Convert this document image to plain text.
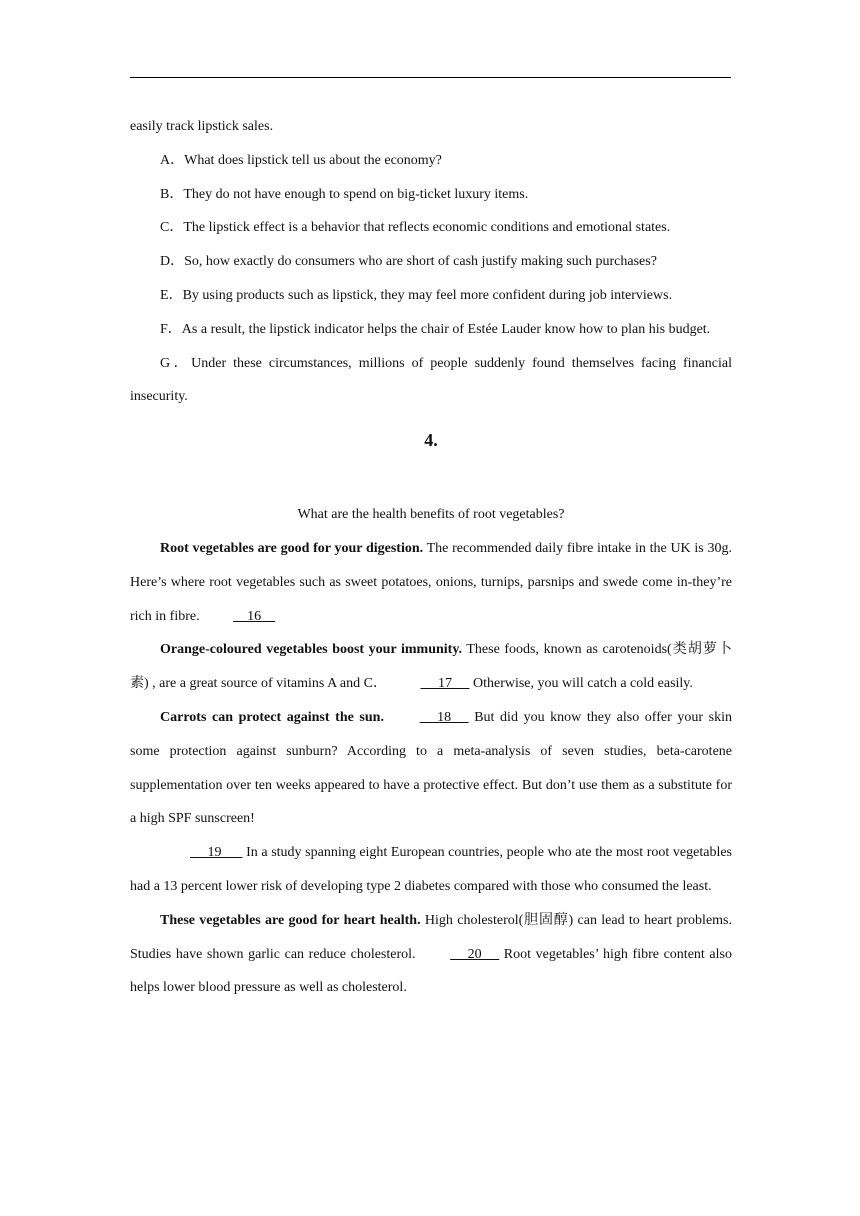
easily track lipstick sales.

A．What does lipstick tell us about the economy?

B．They do not have enough to spend on big-ticket luxury items.

C．The lipstick effect is a behavior that reflects economic conditions and emotional states.

D．So, how exactly do consumers who are short of cash justify making such purchases?

E．By using products such as lipstick, they may feel more confident during job interviews.

F．As a result, the lipstick indicator helps the chair of Estée Lauder know how to plan his budget.

G．Under these circumstances, millions of people suddenly found themselves facing financial insecurity.

4.

What are the health benefits of root vegetables?

Root vegetables are good for your digestion. The recommended daily fibre intake in the UK is 30g. Here’s where root vegetables such as sweet potatoes, onions, turnips, parsnips and swede come in-they’re rich in fibre.     16

Orange-coloured vegetables boost your immunity. These foods, known as carotenoids(类胡萝卜素) , are a great source of vitamins A and C．      17      Otherwise, you will catch a cold easily.

Carrots can protect against the sun.	18      But did you know they also offer your skin some protection against sunburn? According to a meta-analysis of seven studies, beta-carotene supplementation over ten weeks appeared to have a protective effect. But don’t use them as a substitute for a high SPF sunscreen!

19       In a study spanning eight European countries, people who ate the most root vegetables had a 13 percent lower risk of developing type 2 diabetes compared with those who consumed the least.

These vegetables are good for heart health. High cholesterol(胆固醇) can lead to heart problems. Studies have shown garlic can reduce cholesterol.      20      Root vegetables’ high fibre content also helps lower blood pressure as well as cholesterol.
